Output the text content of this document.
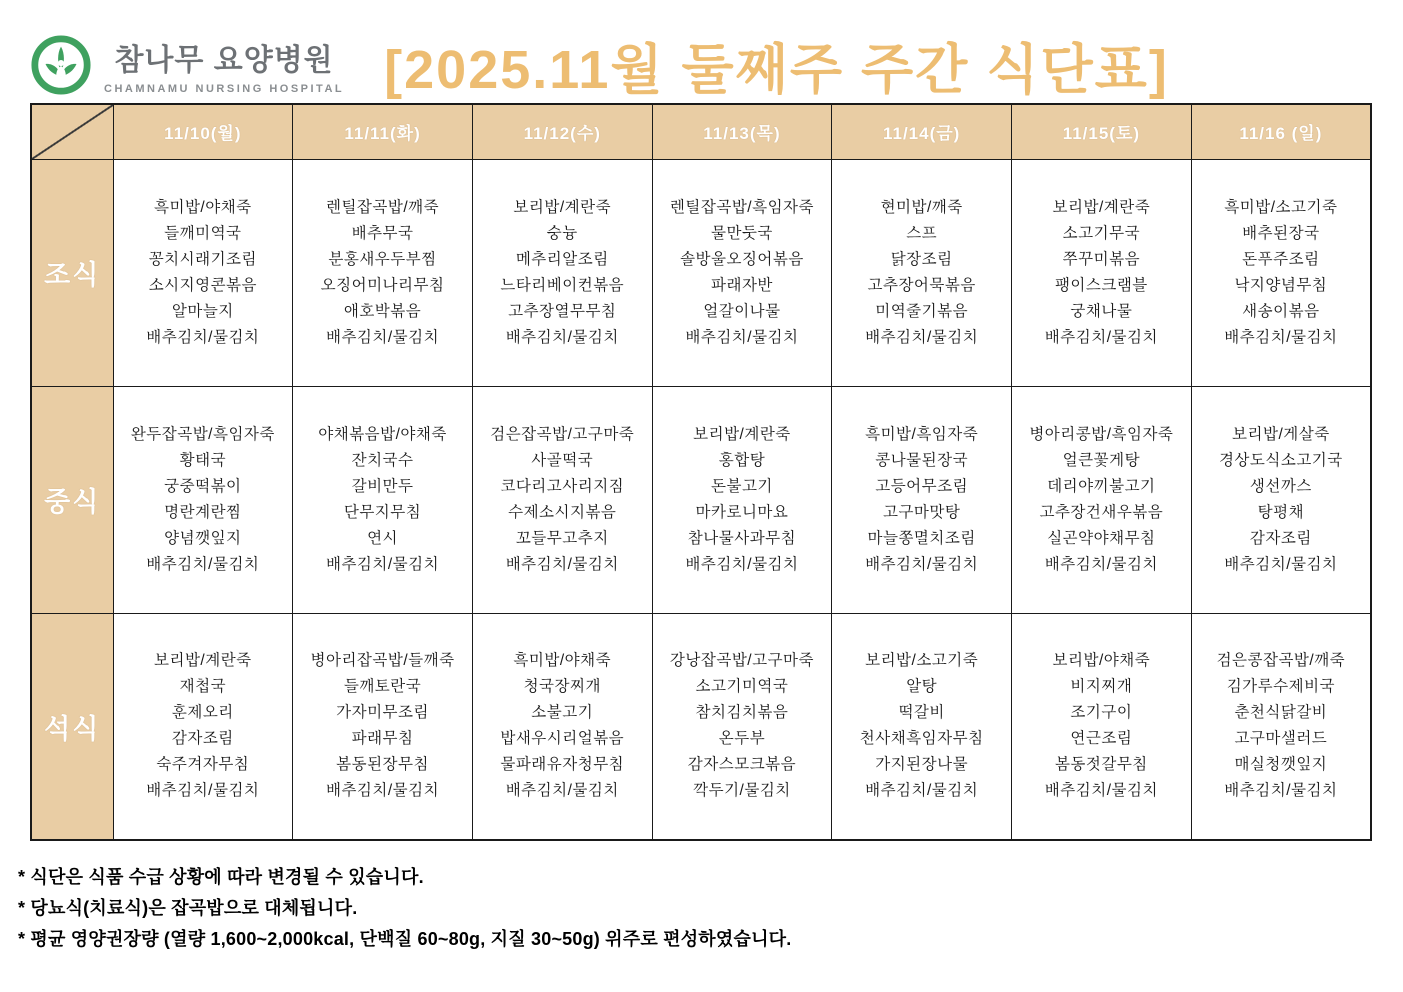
참나무 요양병원
CHAMNAMU NURSING HOSPITAL [2025.11월 둘째주 주간 식단표]
	11/10(월)	11/11(화)	11/12(수)	11/13(목)	11/14(금)	11/15(토)	11/16 (일)
조식	
흑미밥/야채죽
들깨미역국
꽁치시래기조림
소시지영콘볶음
알마늘지
배추김치/물김치

렌틸잡곡밥/깨죽
배추무국
분홍새우두부찜
오징어미나리무침
애호박볶음
배추김치/물김치

보리밥/계란죽
숭늉
메추리알조림
느타리베이컨볶음
고추장열무무침
배추김치/물김치

렌틸잡곡밥/흑임자죽
물만둣국
솔방울오징어볶음
파래자반
얼갈이나물
배추김치/물김치

현미밥/깨죽
스프
닭장조림
고추장어묵볶음
미역줄기볶음
배추김치/물김치

보리밥/계란죽
소고기무국
쭈꾸미볶음
팽이스크램블
궁채나물
배추김치/물김치

흑미밥/소고기죽
배추된장국
돈푸주조림
낙지양념무침
새송이볶음
배추김치/물김치

중식	
완두잡곡밥/흑임자죽
황태국
궁중떡볶이
명란계란찜
양념깻잎지
배추김치/물김치

야채볶음밥/야채죽
잔치국수
갈비만두
단무지무침
연시
배추김치/물김치

검은잡곡밥/고구마죽
사골떡국
코다리고사리지짐
수제소시지볶음
꼬들무고추지
배추김치/물김치

보리밥/계란죽
홍합탕
돈불고기
마카로니마요
참나물사과무침
배추김치/물김치

흑미밥/흑임자죽
콩나물된장국
고등어무조림
고구마맛탕
마늘쫑멸치조림
배추김치/물김치

병아리콩밥/흑임자죽
얼큰꽃게탕
데리야끼불고기
고추장건새우볶음
실곤약야채무침
배추김치/물김치

보리밥/게살죽
경상도식소고기국
생선까스
탕평채
감자조림
배추김치/물김치

석식	
보리밥/계란죽
재첩국
훈제오리
감자조림
숙주겨자무침
배추김치/물김치

병아리잡곡밥/들깨죽
들깨토란국
가자미무조림
파래무침
봄동된장무침
배추김치/물김치

흑미밥/야채죽
청국장찌개
소불고기
밥새우시리얼볶음
물파래유자청무침
배추김치/물김치

강낭잡곡밥/고구마죽
소고기미역국
참치김치볶음
온두부
감자스모크볶음
깍두기/물김치

보리밥/소고기죽
알탕
떡갈비
천사채흑임자무침
가지된장나물
배추김치/물김치

보리밥/야채죽
비지찌개
조기구이
연근조림
봄동젓갈무침
배추김치/물김치

검은콩잡곡밥/깨죽
김가루수제비국
춘천식닭갈비
고구마샐러드
매실청깻잎지
배추김치/물김치
* 식단은 식품 수급 상황에 따라 변경될 수 있습니다.
* 당뇨식(치료식)은 잡곡밥으로 대체됩니다.
* 평균 영양권장량 (열량 1,600~2,000kcal, 단백질 60~80g, 지질 30~50g) 위주로 편성하였습니다.
